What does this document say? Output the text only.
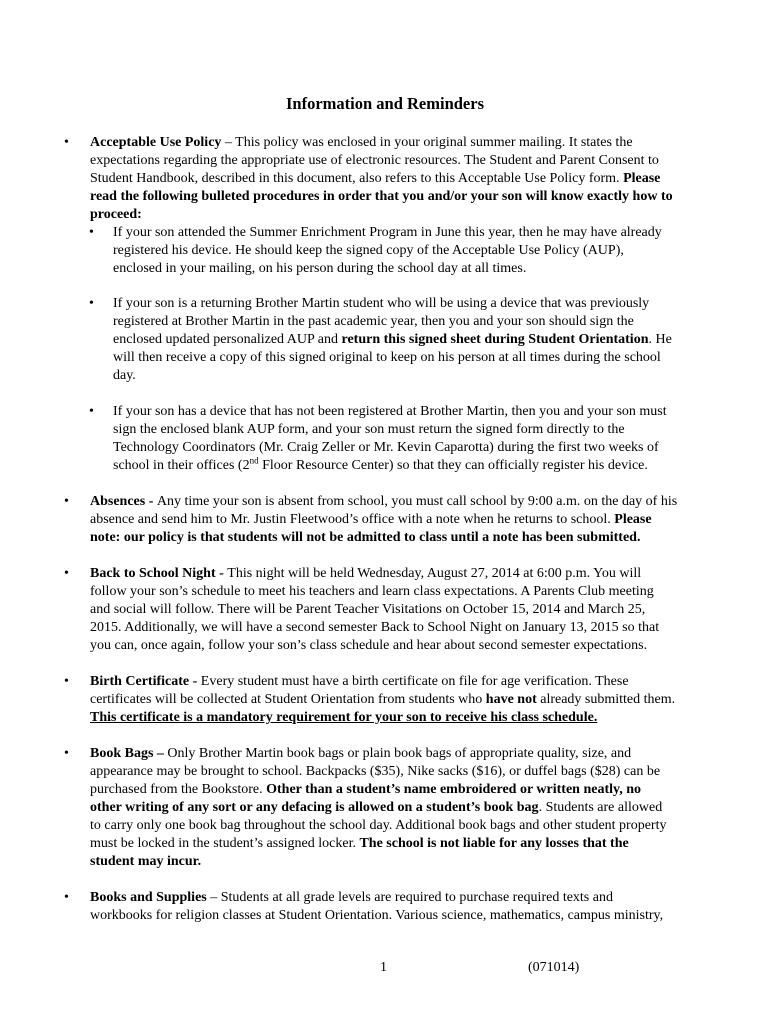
Information and Reminders
• Acceptable Use Policy – This policy was enclosed in your original summer mailing. It states the
expectations regarding the appropriate use of electronic resources. The Student and Parent Consent to
Student Handbook, described in this document, also refers to this Acceptable Use Policy form. Please
read the following bulleted procedures in order that you and/or your son will know exactly how to
proceed:
• If your son attended the Summer Enrichment Program in June this year, then he may have already
registered his device. He should keep the signed copy of the Acceptable Use Policy (AUP),
enclosed in your mailing, on his person during the school day at all times.
• If your son is a returning Brother Martin student who will be using a device that was previously
registered at Brother Martin in the past academic year, then you and your son should sign the
enclosed updated personalized AUP and return this signed sheet during Student Orientation. He
will then receive a copy of this signed original to keep on his person at all times during the school
day.
• If your son has a device that has not been registered at Brother Martin, then you and your son must
sign the enclosed blank AUP form, and your son must return the signed form directly to the
Technology Coordinators (Mr. Craig Zeller or Mr. Kevin Caparotta) during the first two weeks of
school in their offices (2nd Floor Resource Center) so that they can officially register his device.
• Absences - Any time your son is absent from school, you must call school by 9:00 a.m. on the day of his
absence and send him to Mr. Justin Fleetwood’s office with a note when he returns to school. Please
note: our policy is that students will not be admitted to class until a note has been submitted.
• Back to School Night - This night will be held Wednesday, August 27, 2014 at 6:00 p.m. You will
follow your son’s schedule to meet his teachers and learn class expectations. A Parents Club meeting
and social will follow. There will be Parent Teacher Visitations on October 15, 2014 and March 25,
2015. Additionally, we will have a second semester Back to School Night on January 13, 2015 so that
you can, once again, follow your son’s class schedule and hear about second semester expectations.
• Birth Certificate - Every student must have a birth certificate on file for age verification. These
certificates will be collected at Student Orientation from students who have not already submitted them.
This certificate is a mandatory requirement for your son to receive his class schedule.
• Book Bags – Only Brother Martin book bags or plain book bags of appropriate quality, size, and
appearance may be brought to school. Backpacks ($35), Nike sacks ($16), or duffel bags ($28) can be
purchased from the Bookstore. Other than a student’s name embroidered or written neatly, no
other writing of any sort or any defacing is allowed on a student’s book bag. Students are allowed
to carry only one book bag throughout the school day. Additional book bags and other student property
must be locked in the student’s assigned locker. The school is not liable for any losses that the
student may incur.
• Books and Supplies – Students at all grade levels are required to purchase required texts and
workbooks for religion classes at Student Orientation. Various science, mathematics, campus ministry,
1	(071014)
